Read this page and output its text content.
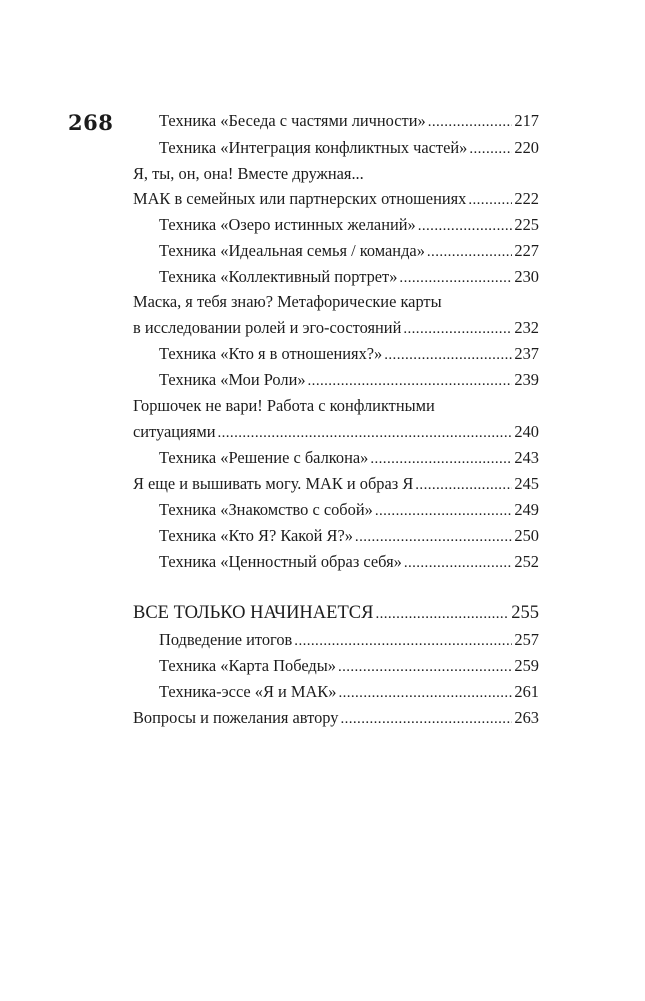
268	Техника «Беседа с частями личности» .....	217
Техника «Интеграция конфликтных частей» .....	220
Я, ты, он, она! Вместе дружная...
МАК в семейных или партнерских отношениях .....	222
Техника «Озеро истинных желаний» .....	225
Техника «Идеальная семья / команда» .....	227
Техника «Коллективный портрет» .....	230
Маска, я тебя знаю? Метафорические карты
в исследовании ролей и эго-состояний .....	232
Техника «Кто я в отношениях?» .....	237
Техника «Мои Роли» .....	239
Горшочек не вари! Работа с конфликтными
ситуациями .....	240
Техника «Решение с балкона» .....	243
Я еще и вышивать могу. МАК и образ Я .....	245
Техника «Знакомство с собой» .....	249
Техника «Кто Я? Какой Я?» .....	250
Техника «Ценностный образ себя» .....	252
ВСЕ ТОЛЬКО НАЧИНАЕТСЯ .....	255
Подведение итогов .....	257
Техника «Карта Победы» .....	259
Техника-эссе «Я и МАК» .....	261
Вопросы и пожелания автору .....	263
